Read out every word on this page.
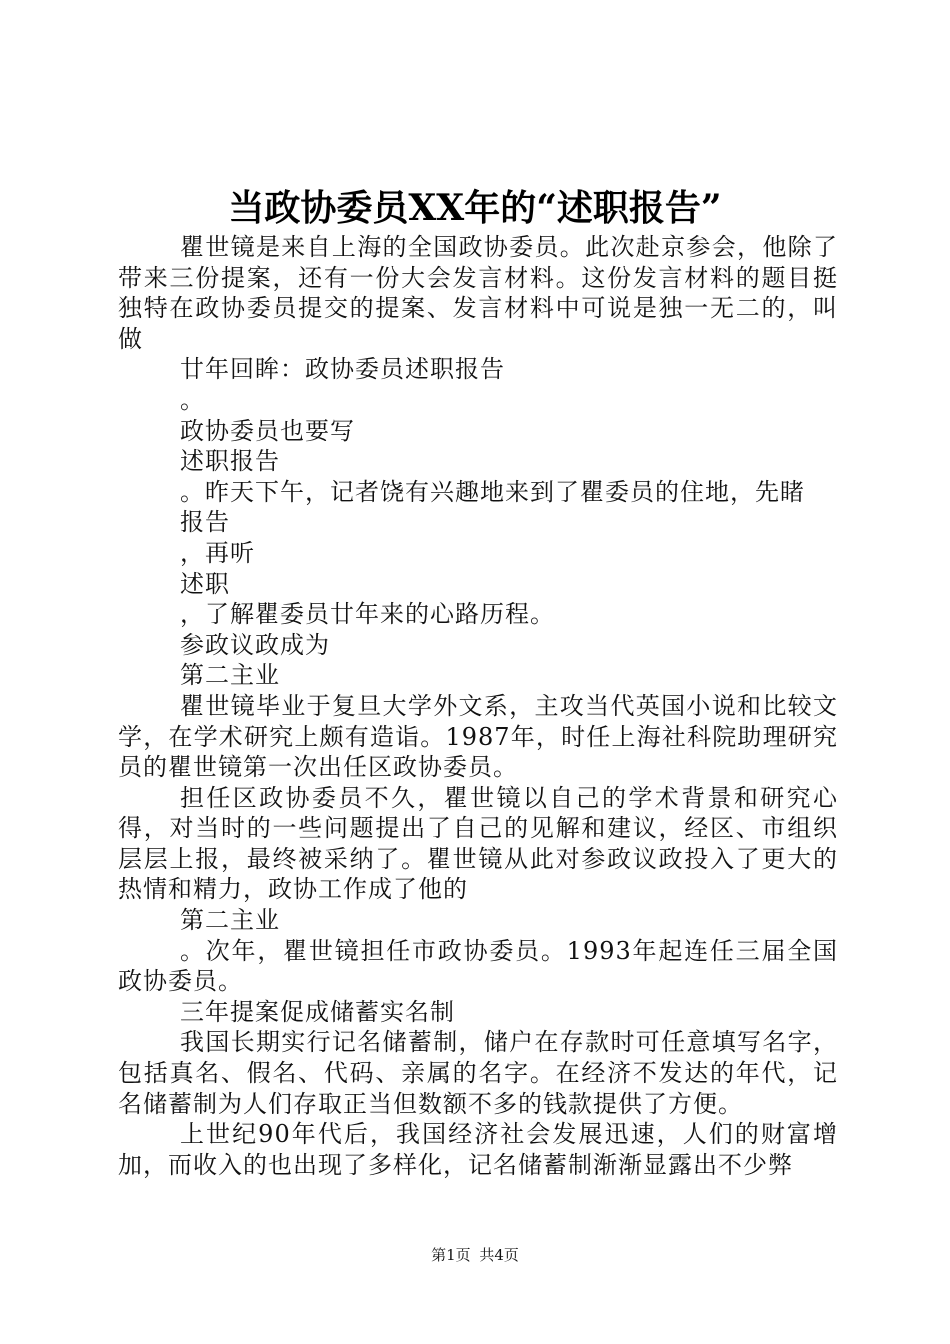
当政协委员XX年的“述职报告”

瞿世镜是来自上海的全国政协委员。此次赴京参会，他除了带来三份提案，还有一份大会发言材料。这份发言材料的题目挺独特在政协委员提交的提案、发言材料中可说是独一无二的，叫做

廿年回眸：政协委员述职报告

。

政协委员也要写

述职报告

。昨天下午，记者饶有兴趣地来到了瞿委员的住地，先睹

报告

，再听

述职

，了解瞿委员廿年来的心路历程。

参政议政成为

第二主业

瞿世镜毕业于复旦大学外文系，主攻当代英国小说和比较文学，在学术研究上颇有造诣。1987年，时任上海社科院助理研究员的瞿世镜第一次出任区政协委员。

担任区政协委员不久，瞿世镜以自己的学术背景和研究心得，对当时的一些问题提出了自己的见解和建议，经区、市组织层层上报，最终被采纳了。瞿世镜从此对参政议政投入了更大的热情和精力，政协工作成了他的

第二主业

。次年，瞿世镜担任市政协委员。1993年起连任三届全国政协委员。

三年提案促成储蓄实名制

我国长期实行记名储蓄制，储户在存款时可任意填写名字，包括真名、假名、代码、亲属的名字。在经济不发达的年代，记名储蓄制为人们存取正当但数额不多的钱款提供了方便。

上世纪90年代后，我国经济社会发展迅速，人们的财富增加，而收入的也出现了多样化，记名储蓄制渐渐显露出不少弊

第1页 共4页
